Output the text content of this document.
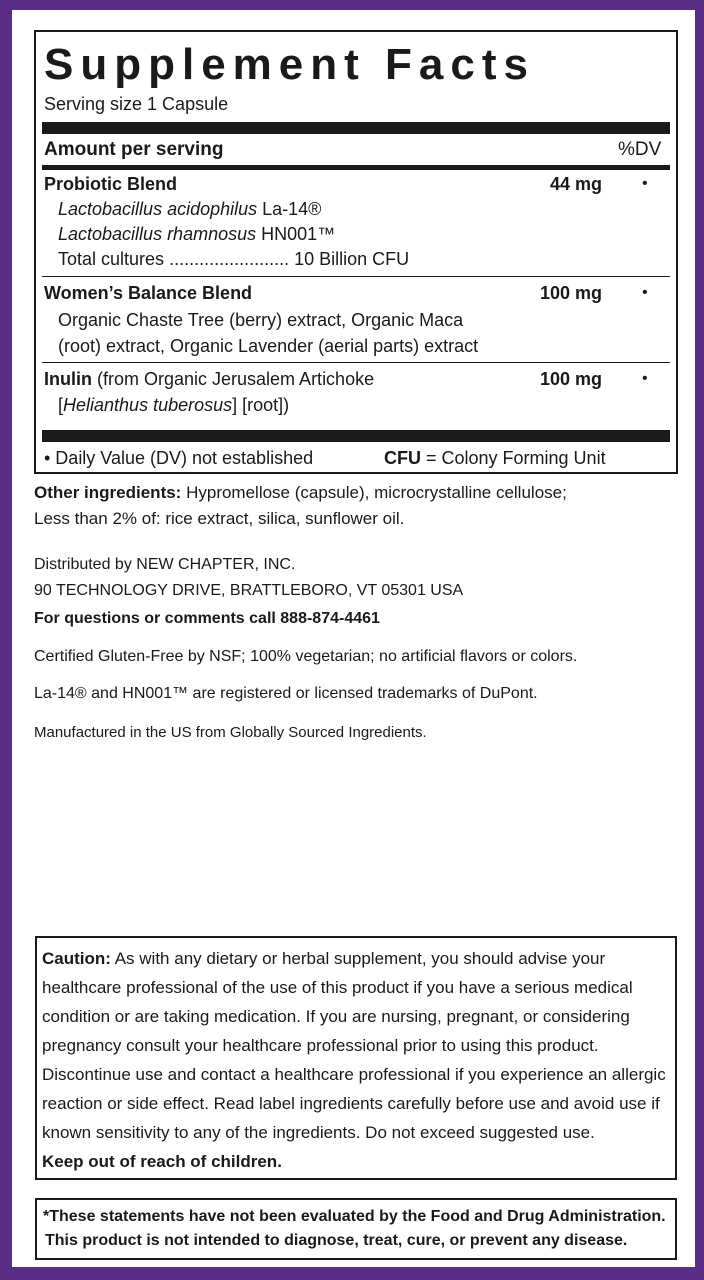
Supplement Facts
Serving size 1 Capsule
Amount per serving	%DV
Probiotic Blend	44 mg •
Lactobacillus acidophilus La-14®
Lactobacillus rhamnosus HN001™
Total cultures ........................ 10 Billion CFU
Women’s Balance Blend	100 mg •
Organic Chaste Tree (berry) extract, Organic Maca
(root) extract, Organic Lavender (aerial parts) extract
Inulin (from Organic Jerusalem Artichoke	100 mg •
[Helianthus tuberosus] [root])
• Daily Value (DV) not established	CFU = Colony Forming Unit
Other ingredients: Hypromellose (capsule), microcrystalline cellulose;
Less than 2% of: rice extract, silica, sunflower oil.
Distributed by NEW CHAPTER, INC.
90 TECHNOLOGY DRIVE, BRATTLEBORO, VT 05301 USA
For questions or comments call 888-874-4461
Certified Gluten-Free by NSF; 100% vegetarian; no artificial flavors or colors.
La-14® and HN001™ are registered or licensed trademarks of DuPont.
Manufactured in the US from Globally Sourced Ingredients.
Caution: As with any dietary or herbal supplement, you should advise your healthcare professional of the use of this product if you have a serious medical condition or are taking medication. If you are nursing, pregnant, or considering pregnancy consult your healthcare professional prior to using this product. Discontinue use and contact a healthcare professional if you experience an allergic reaction or side effect. Read label ingredients carefully before use and avoid use if known sensitivity to any of the ingredients. Do not exceed suggested use.
Keep out of reach of children.
*These statements have not been evaluated by the Food and Drug Administration.
This product is not intended to diagnose, treat, cure, or prevent any disease.
